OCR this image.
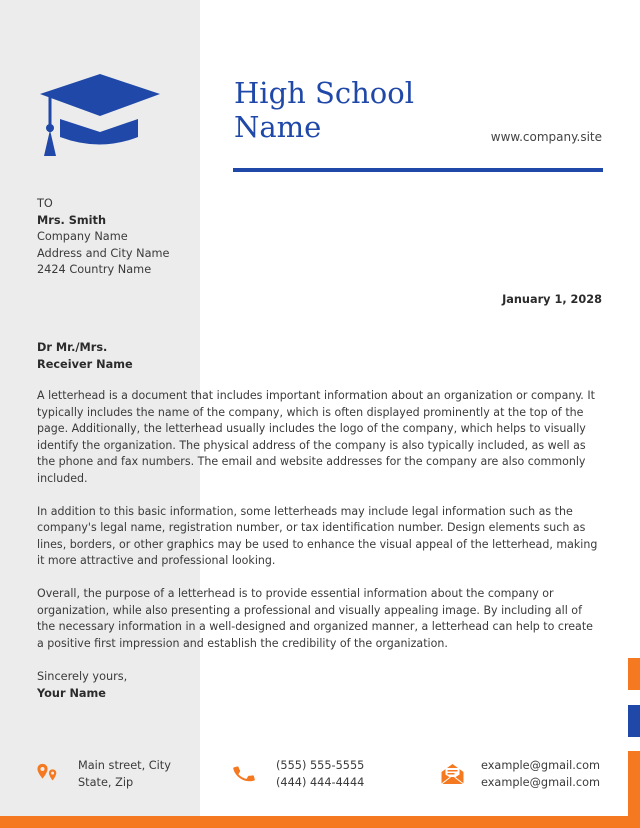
High School
Name	www.company.site
TO
Mrs. Smith
Company Name
Address and City Name
2424 Country Name
January 1, 2028
Dr Mr./Mrs.
Receiver Name

A letterhead is a document that includes important information about an organization or company. It typically includes the name of the company, which is often displayed prominently at the top of the page. Additionally, the letterhead usually includes the logo of the company, which helps to visually identify the organization. The physical address of the company is also typically included, as well as the phone and fax numbers. The email and website addresses for the company are also commonly included.

In addition to this basic information, some letterheads may include legal information such as the company's legal name, registration number, or tax identification number. Design elements such as lines, borders, or other graphics may be used to enhance the visual appeal of the letterhead, making it more attractive and professional looking.

Overall, the purpose of a letterhead is to provide essential information about the company or organization, while also presenting a professional and visually appealing image. By including all of the necessary information in a well-designed and organized manner, a letterhead can help to create a positive first impression and establish the credibility of the organization.

Sincerely yours,
Your Name
Main street, City
State, Zip
(555) 555-5555
(444) 444-4444
example@gmail.com
example@gmail.com
